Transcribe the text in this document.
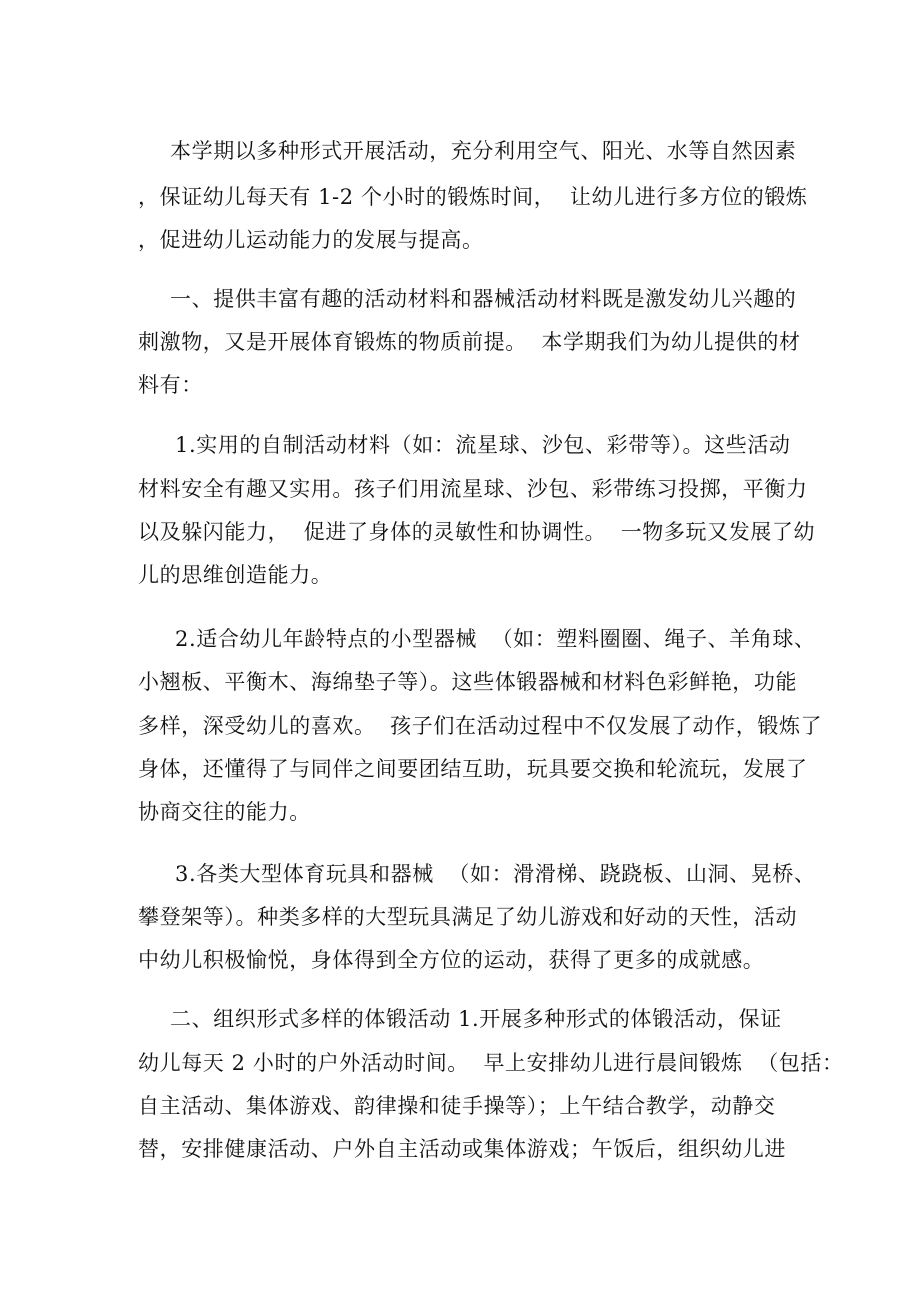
本学期以多种形式开展活动，充分利用空气、阳光、水等自然因素
，保证幼儿每天有 1-2 个小时的锻炼时间，  让幼儿进行多方位的锻炼
，促进幼儿运动能力的发展与提高。
一、提供丰富有趣的活动材料和器械活动材料既是激发幼儿兴趣的
刺激物，又是开展体育锻炼的物质前提。  本学期我们为幼儿提供的材
料有：
1.实用的自制活动材料（如：流星球、沙包、彩带等）。这些活动
材料安全有趣又实用。孩子们用流星球、沙包、彩带练习投掷，平衡力
以及躲闪能力，  促进了身体的灵敏性和协调性。  一物多玩又发展了幼
儿的思维创造能力。
2.适合幼儿年龄特点的小型器械  （如：塑料圈圈、绳子、羊角球、
小翘板、平衡木、海绵垫子等）。这些体锻器械和材料色彩鲜艳，功能
多样，深受幼儿的喜欢。  孩子们在活动过程中不仅发展了动作，锻炼了
身体，还懂得了与同伴之间要团结互助，玩具要交换和轮流玩，发展了
协商交往的能力。
3.各类大型体育玩具和器械  （如：滑滑梯、跷跷板、山洞、晃桥、
攀登架等）。种类多样的大型玩具满足了幼儿游戏和好动的天性，活动
中幼儿积极愉悦，身体得到全方位的运动，获得了更多的成就感。
二、组织形式多样的体锻活动 1.开展多种形式的体锻活动，保证
幼儿每天 2 小时的户外活动时间。  早上安排幼儿进行晨间锻炼  （包括：
自主活动、集体游戏、韵律操和徒手操等）；上午结合教学，动静交
替，安排健康活动、户外自主活动或集体游戏；午饭后，组织幼儿进
